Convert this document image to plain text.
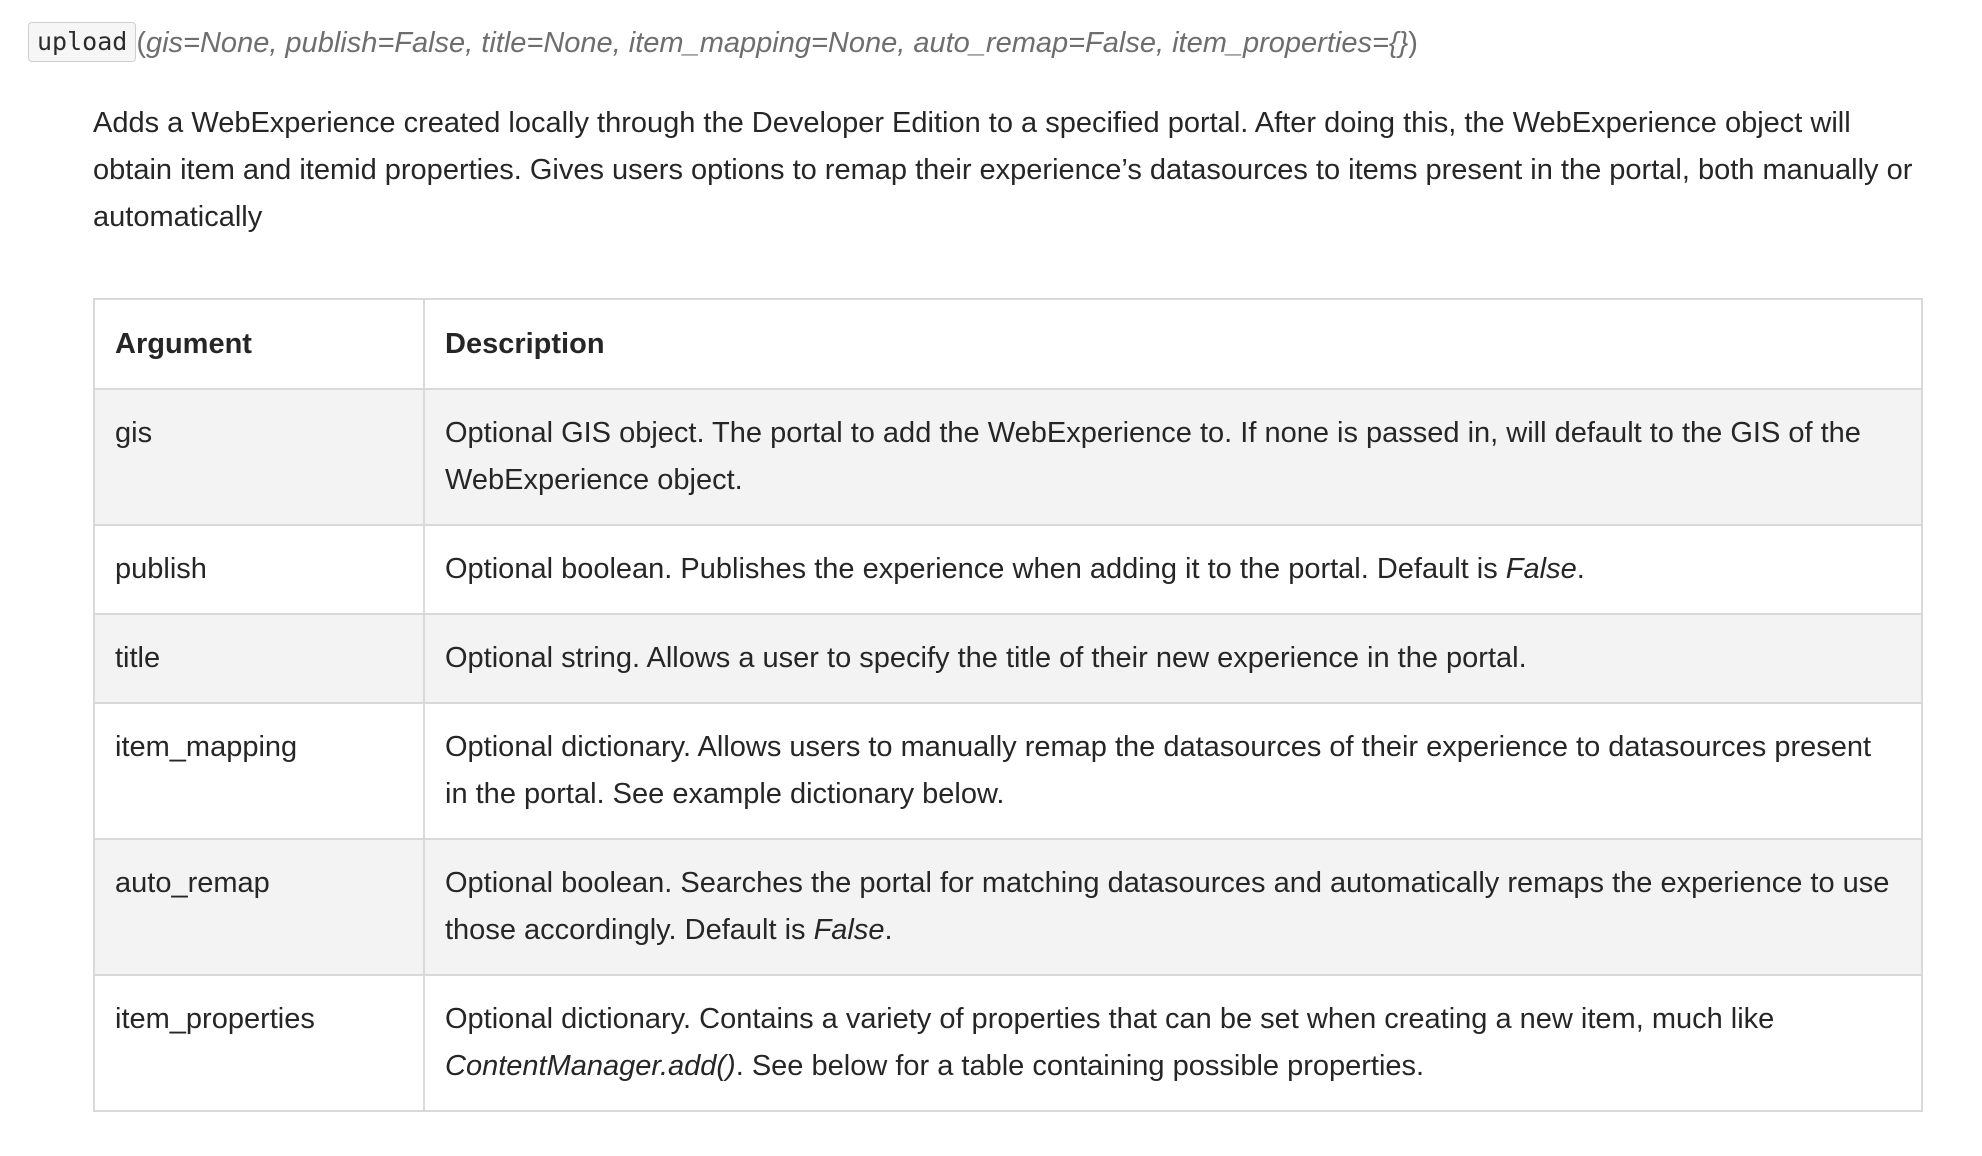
upload (gis=None, publish=False, title=None, item_mapping=None, auto_remap=False, item_properties={})

Adds a WebExperience created locally through the Developer Edition to a specified portal. After doing this, the WebExperience object will obtain item and itemid properties. Gives users options to remap their experience’s datasources to items present in the portal, both manually or automatically

Argument	Description
gis	Optional GIS object. The portal to add the WebExperience to. If none is passed in, will default to the GIS of the WebExperience object.
publish	Optional boolean. Publishes the experience when adding it to the portal. Default is False.
title	Optional string. Allows a user to specify the title of their new experience in the portal.
item_mapping	Optional dictionary. Allows users to manually remap the datasources of their experience to datasources present in the portal. See example dictionary below.
auto_remap	Optional boolean. Searches the portal for matching datasources and automatically remaps the experience to use those accordingly. Default is False.
item_properties	Optional dictionary. Contains a variety of properties that can be set when creating a new item, much like ContentManager.add(). See below for a table containing possible properties.
